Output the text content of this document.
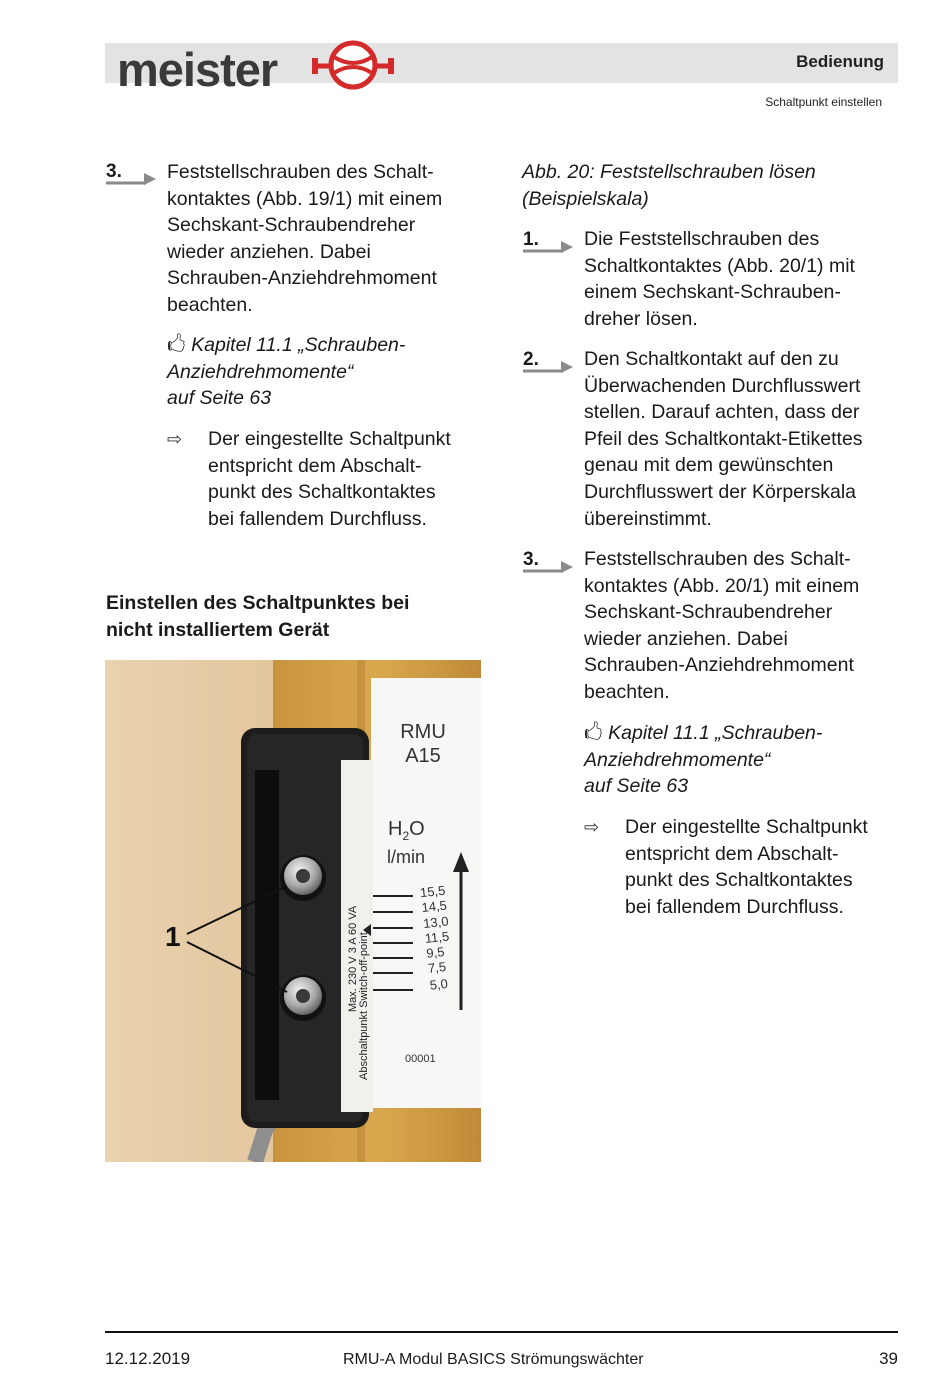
meister	Bedienung
Schaltpunkt einstellen
3. Feststellschrauben des Schalt-
kontaktes (Abb. 19/1) mit einem
Sechskant-Schraubendreher
wieder anziehen. Dabei
Schrauben-Anziehdrehmoment
beachten.
🖒 Kapitel 11.1 „Schrauben-
Anziehdrehmomente“
auf Seite 63
⇨ Der eingestellte Schaltpunkt
entspricht dem Abschalt-
punkt des Schaltkontaktes
bei fallendem Durchfluss.
Einstellen des Schaltpunktes bei
nicht installiertem Gerät
RMU
A15
$H_2O$
l/min
15,5
14,5
13,0
11,5
9,5
7,5
5,0
00001
Max. 230 V 3 A 60 VA Abschaltpunkt Switch-off-point
1
Abb. 20: Feststellschrauben lösen
(Beispielskala)
1. Die Feststellschrauben des
Schaltkontaktes (Abb. 20/1) mit
einem Sechskant-Schrauben-
dreher lösen.
2. Den Schaltkontakt auf den zu
Überwachenden Durchflusswert
stellen. Darauf achten, dass der
Pfeil des Schaltkontakt-Etikettes
genau mit dem gewünschten
Durchflusswert der Körperskala
übereinstimmt.
3. Feststellschrauben des Schalt-
kontaktes (Abb. 20/1) mit einem
Sechskant-Schraubendreher
wieder anziehen. Dabei
Schrauben-Anziehdrehmoment
beachten.
🖒 Kapitel 11.1 „Schrauben-
Anziehdrehmomente“
auf Seite 63
⇨ Der eingestellte Schaltpunkt
entspricht dem Abschalt-
punkt des Schaltkontaktes
bei fallendem Durchfluss.
12.12.2019	RMU-A Modul BASICS Strömungswächter	39
